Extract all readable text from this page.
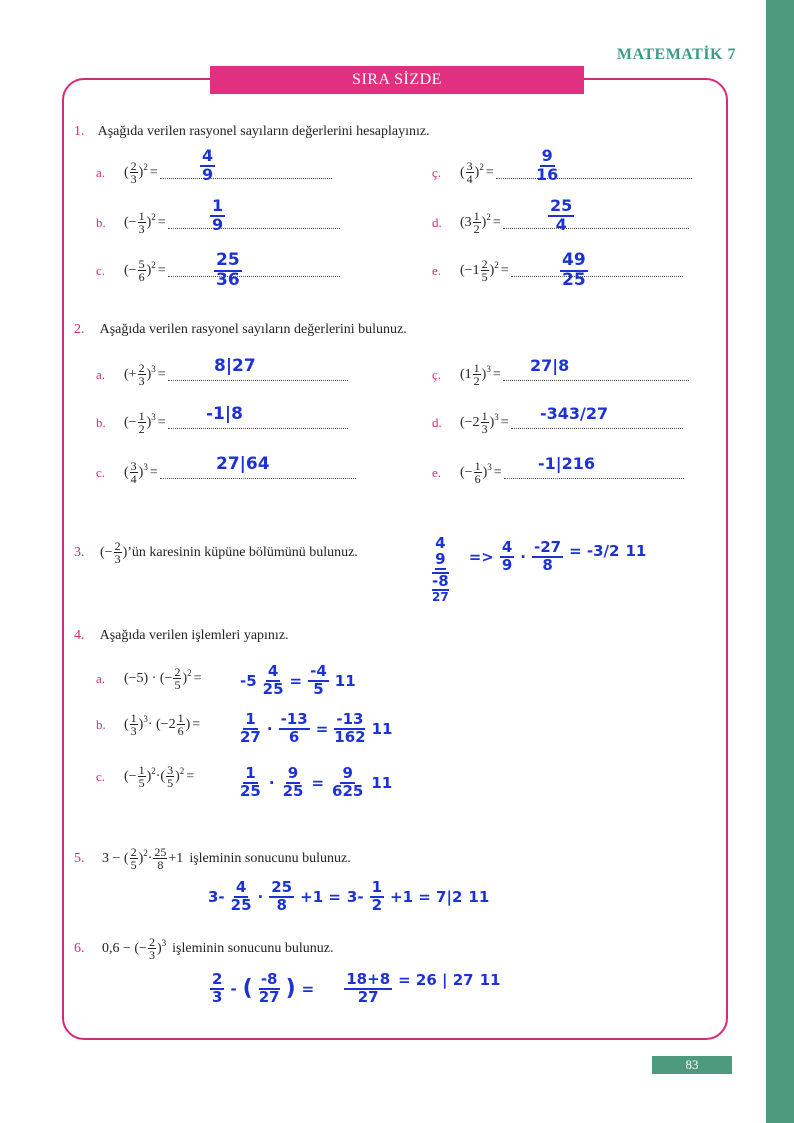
MATEMATİK 7
SIRA SİZDE
1. Aşağıda verilen rasyonel sayıların değerlerini hesaplayınız.
a.	( $\frac{2}{3}$ ) 2 =	$\frac{4}{9}$	ç.	( $\frac{3}{4}$ ) 2 =	$\frac{9}{16}$
b.	(− $\frac{1}{3}$ ) 2 =	$\frac{1}{9}$	d.	($3 \frac{1}{2}$ ) 2 =	$\frac{25}{4}$
c.	(− $\frac{5}{6}$ ) 2 =	$\frac{25}{36}$	e.	($-1 \frac{2}{5}$ ) 2 =	$\frac{49}{25}$
2. Aşağıda verilen rasyonel sayıların değerlerini bulunuz.
a.	(+ $\frac{2}{3}$ ) 3 =	8|27	ç.	($1 \frac{1}{2}$ ) 3 = 27|8
b.	(− $\frac{1}{2}$ ) 3 = -1|8	d.	($-2 \frac{1}{3}$ ) 3 = -343/27
c.	( $\frac{3}{4}$ ) 3 =	27|64	e.	(− $\frac{1}{6}$ ) 3 = -1|216
3.	(− $\frac{2}{3}$ ) ’ün karesinin küpüne bölümünü bulunuz.	4
9
-8
27
=>
4
$9 \cdot \frac{-27}{8} = -3/2$ 11
4. Aşağıda verilen işlemleri yapınız.
a.	(−5) · (− $\frac{2}{5}$ ) 2 =	$-5 \frac{4}{25} = \frac{-4}{5} 11$
b.	( $\frac{1}{3}$ ) $3 \cdot (-2 \frac{1}{6}$ ) =	1
$27 \cdot \frac{-13}{6} = \frac{-13}{162} 11$
c.	(− $\frac{1}{5}$ ) 2 ·( $\frac{3}{5}$ ) 2 =	1
$25 \cdot \frac{9}{25} = \frac{9}{625} 11$
5.	3 − ( $\frac{2}{5}$ ) $2 \cdot \frac{25}{8} +1$ işleminin sonucunu bulunuz.
3-
4
25 ·
25
8 +1 = 3-
1
2 +1 = 7|2 11
6.	0,6 − (− $\frac{2}{3}$ ) 3 işleminin sonucunu bulunuz.
2
3 - ( -8
27 ) = $\frac{18+8}{27} = 26$ | 27 11
83
